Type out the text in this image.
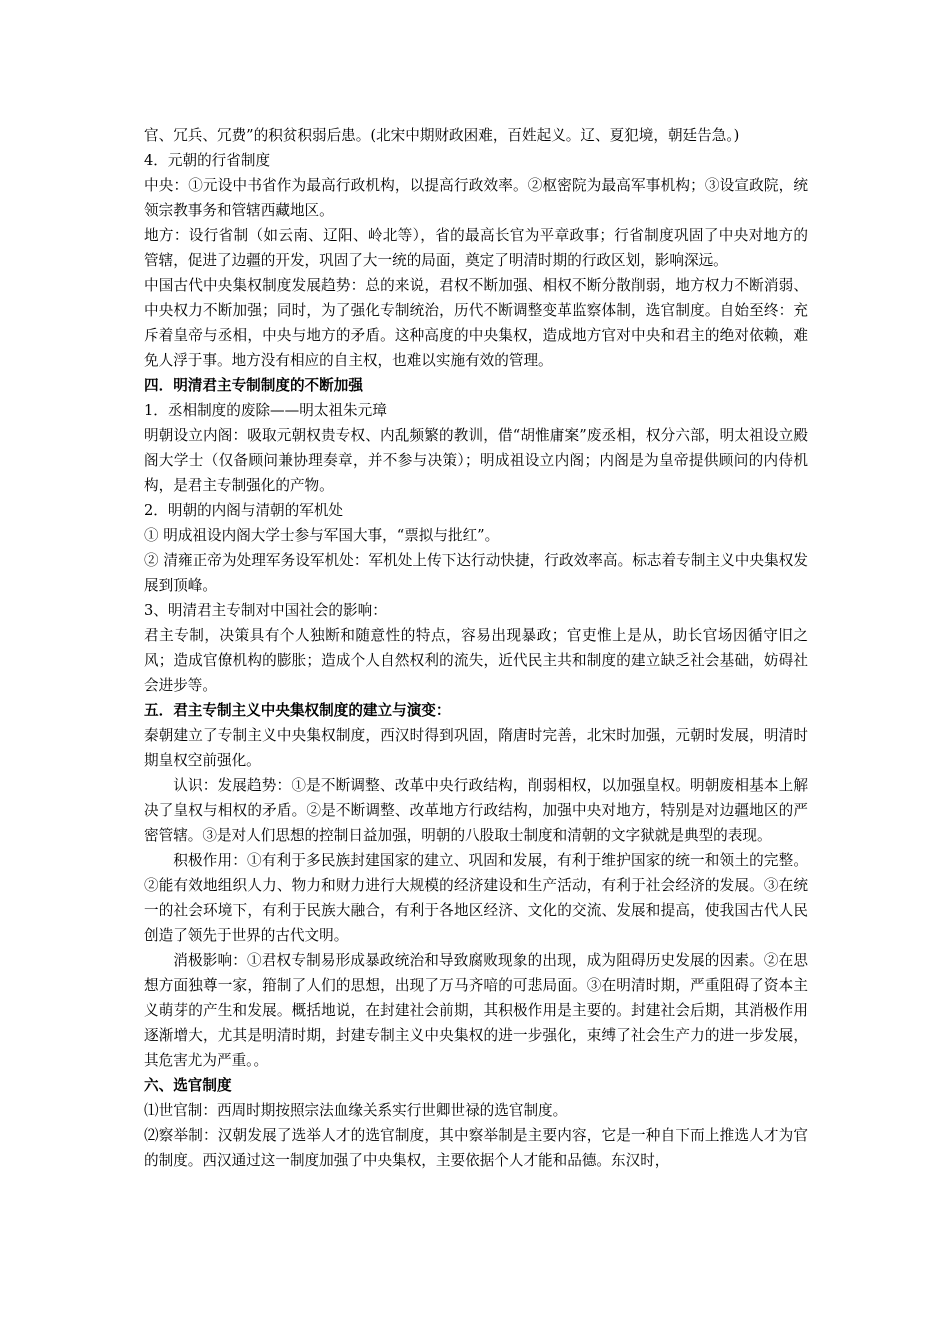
官、冗兵、冗费”的积贫积弱后患。(北宋中期财政困难，百姓起义。辽、夏犯境，朝廷告急。)

4．元朝的行省制度

中央：①元设中书省作为最高行政机构，以提高行政效率。②枢密院为最高军事机构；③设宣政院，统领宗教事务和管辖西藏地区。

地方：设行省制（如云南、辽阳、岭北等），省的最高长官为平章政事；行省制度巩固了中央对地方的管辖，促进了边疆的开发，巩固了大一统的局面，奠定了明清时期的行政区划，影响深远。

中国古代中央集权制度发展趋势：总的来说，君权不断加强、相权不断分散削弱，地方权力不断消弱、中央权力不断加强；同时，为了强化专制统治，历代不断调整变革监察体制，选官制度。自始至终：充斥着皇帝与丞相，中央与地方的矛盾。这种高度的中央集权，造成地方官对中央和君主的绝对依赖，难免人浮于事。地方没有相应的自主权，也难以实施有效的管理。

四．明清君主专制制度的不断加强

1．丞相制度的废除——明太祖朱元璋

明朝设立内阁：吸取元朝权贵专权、内乱频繁的教训，借“胡惟庸案”废丞相，权分六部，明太祖设立殿阁大学士（仅备顾问兼协理奏章，并不参与决策）；明成祖设立内阁；内阁是为皇帝提供顾问的内侍机构，是君主专制强化的产物。

2．明朝的内阁与清朝的军机处

① 明成祖设内阁大学士参与军国大事，“票拟与批红”。

② 清雍正帝为处理军务设军机处：军机处上传下达行动快捷，行政效率高。标志着专制主义中央集权发展到顶峰。

3、明清君主专制对中国社会的影响：

君主专制，决策具有个人独断和随意性的特点，容易出现暴政；官吏惟上是从，助长官场因循守旧之风；造成官僚机构的膨胀；造成个人自然权利的流失，近代民主共和制度的建立缺乏社会基础，妨碍社会进步等。

五．君主专制主义中央集权制度的建立与演变：

秦朝建立了专制主义中央集权制度，西汉时得到巩固，隋唐时完善，北宋时加强，元朝时发展，明清时期皇权空前强化。

认识：发展趋势：①是不断调整、改革中央行政结构，削弱相权，以加强皇权。明朝废相基本上解决了皇权与相权的矛盾。②是不断调整、改革地方行政结构，加强中央对地方，特别是对边疆地区的严密管辖。③是对人们思想的控制日益加强，明朝的八股取士制度和清朝的文字狱就是典型的表现。

积极作用：①有利于多民族封建国家的建立、巩固和发展，有利于维护国家的统一和领土的完整。②能有效地组织人力、物力和财力进行大规模的经济建设和生产活动，有利于社会经济的发展。③在统一的社会环境下，有利于民族大融合，有利于各地区经济、文化的交流、发展和提高，使我国古代人民创造了领先于世界的古代文明。

消极影响：①君权专制易形成暴政统治和导致腐败现象的出现，成为阻碍历史发展的因素。②在思想方面独尊一家，箝制了人们的思想，出现了万马齐喑的可悲局面。③在明清时期，严重阻碍了资本主义萌芽的产生和发展。概括地说，在封建社会前期，其积极作用是主要的。封建社会后期，其消极作用逐渐增大，尤其是明清时期，封建专制主义中央集权的进一步强化，束缚了社会生产力的进一步发展，其危害尤为严重。。

六、选官制度

⑴世官制：西周时期按照宗法血缘关系实行世卿世禄的选官制度。

⑵察举制：汉朝发展了选举人才的选官制度，其中察举制是主要内容，它是一种自下而上推选人才为官的制度。西汉通过这一制度加强了中央集权，主要依据个人才能和品德。东汉时，
